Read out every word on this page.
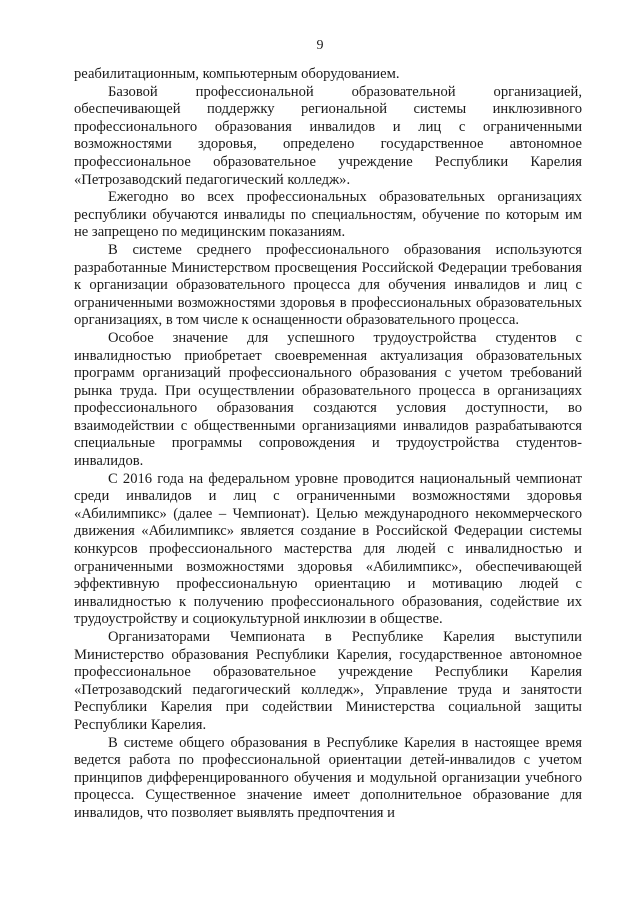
9

реабилитационным, компьютерным оборудованием.

Базовой профессиональной образовательной организацией, обеспечивающей поддержку региональной системы инклюзивного профессионального образования инвалидов и лиц с ограниченными возможностями здоровья, определено государственное автономное профессиональное образовательное учреждение Республики Карелия «Петрозаводский педагогический колледж».

Ежегодно во всех профессиональных образовательных организациях республики обучаются инвалиды по специальностям, обучение по которым им не запрещено по медицинским показаниям.

В системе среднего профессионального образования используются разработанные Министерством просвещения Российской Федерации требования к организации образовательного процесса для обучения инвалидов и лиц с ограниченными возможностями здоровья в профессиональных образовательных организациях, в том числе к оснащенности образовательного процесса.

Особое значение для успешного трудоустройства студентов с инвалидностью приобретает своевременная актуализация образовательных программ организаций профессионального образования с учетом требований рынка труда. При осуществлении образовательного процесса в организациях профессионального образования создаются условия доступности, во взаимодействии с общественными организациями инвалидов разрабатываются специальные программы сопровождения и трудоустройства студентов-инвалидов.

С 2016 года на федеральном уровне проводится национальный чемпионат среди инвалидов и лиц с ограниченными возможностями здоровья «Абилимпикс» (далее – Чемпионат). Целью международного некоммерческого движения «Абилимпикс» является создание в Российской Федерации системы конкурсов профессионального мастерства для людей с инвалидностью и ограниченными возможностями здоровья «Абилимпикс», обеспечивающей эффективную профессиональную ориентацию и мотивацию людей с инвалидностью к получению профессионального образования, содействие их трудоустройству и социокультурной инклюзии в обществе.

Организаторами Чемпионата в Республике Карелия выступили Министерство образования Республики Карелия, государственное автономное профессиональное образовательное учреждение Республики Карелия «Петрозаводский педагогический колледж», Управление труда и занятости Республики Карелия при содействии Министерства социальной защиты Республики Карелия.

В системе общего образования в Республике Карелия в настоящее время ведется работа по профессиональной ориентации детей-инвалидов с учетом принципов дифференцированного обучения и модульной организации учебного процесса. Существенное значение имеет дополнительное образование для инвалидов, что позволяет выявлять предпочтения и
